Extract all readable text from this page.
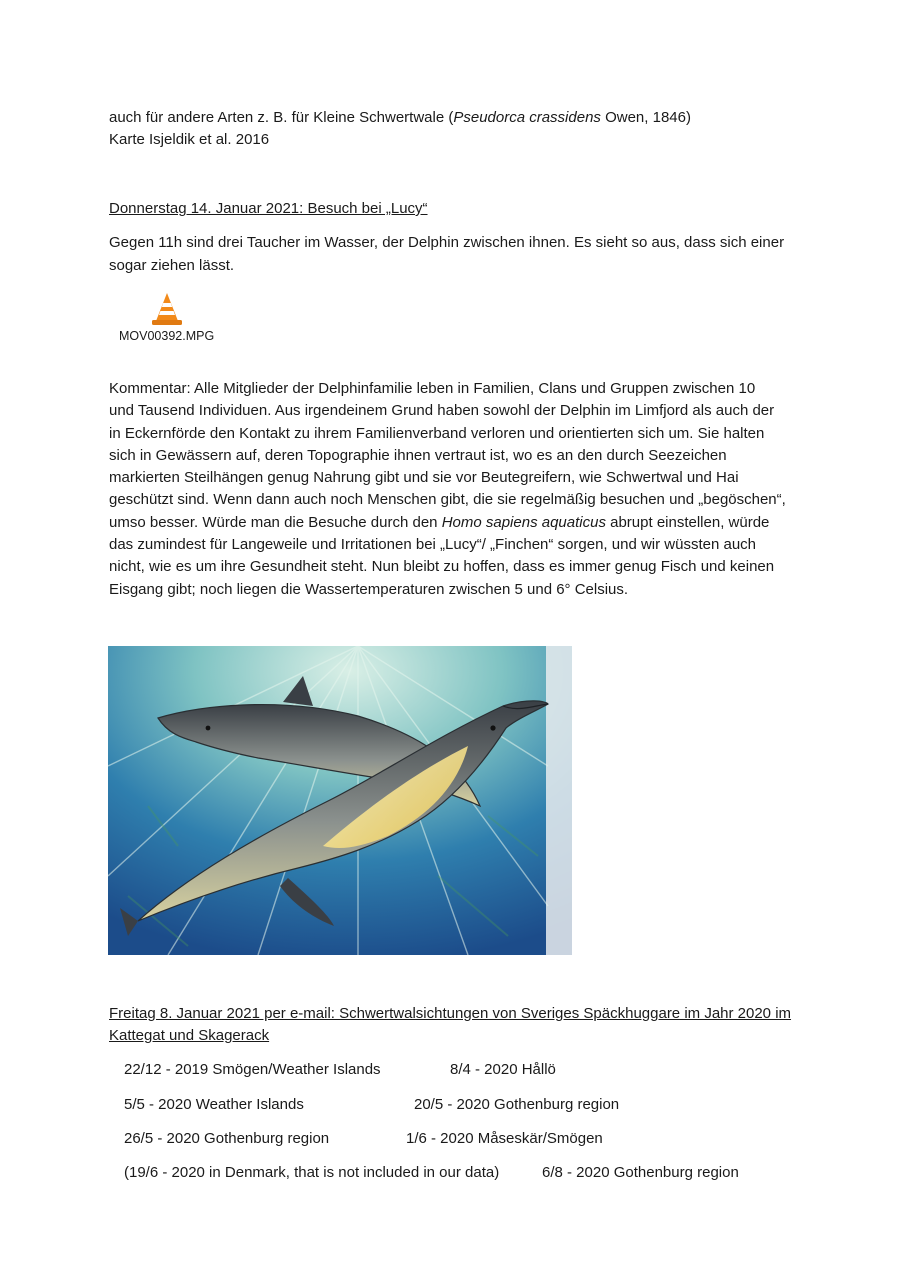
auch für andere Arten z. B. für Kleine Schwertwale (Pseudorca crassidens Owen, 1846)
Karte Isjeldik et al. 2016
Donnerstag 14. Januar 2021: Besuch bei „Lucy“
Gegen 11h sind drei Taucher im Wasser, der Delphin zwischen ihnen. Es sieht so aus, dass sich einer
sogar ziehen lässt.
MOV00392.MPG
Kommentar: Alle Mitglieder der Delphinfamilie leben in Familien, Clans und Gruppen zwischen 10
und Tausend Individuen. Aus irgendeinem Grund haben sowohl der Delphin im Limfjord als auch der
in Eckernförde den Kontakt zu ihrem Familienverband verloren und orientierten sich um. Sie halten
sich in Gewässern auf, deren Topographie ihnen vertraut ist, wo es an den durch Seezeichen
markierten Steilhängen genug Nahrung gibt und sie vor Beutegreifern, wie Schwertwal und Hai
geschützt sind. Wenn dann auch noch Menschen gibt, die sie regelmäßig besuchen und „begöschen“,
umso besser. Würde man die Besuche durch den Homo sapiens aquaticus abrupt einstellen, würde
das zumindest für Langeweile und Irritationen bei „Lucy“/ „Finchen“ sorgen, und wir wüssten auch
nicht, wie es um ihre Gesundheit steht. Nun bleibt zu hoffen, dass es immer genug Fisch und keinen
Eisgang gibt; noch liegen die Wassertemperaturen zwischen 5 und 6° Celsius.
Freitag 8. Januar 2021 per e-mail: Schwertwalsichtungen von Sveriges Späckhuggare im Jahr 2020 im
Kattegat und Skagerack
22/12 - 2019 Smögen/Weather Islands	8/4 - 2020 Hållö
5/5 - 2020 Weather Islands	20/5 - 2020 Gothenburg region
26/5 - 2020 Gothenburg region	1/6 - 2020 Måseskär/Smögen
(19/6 - 2020 in Denmark, that is not included in our data)	6/8 - 2020 Gothenburg region
